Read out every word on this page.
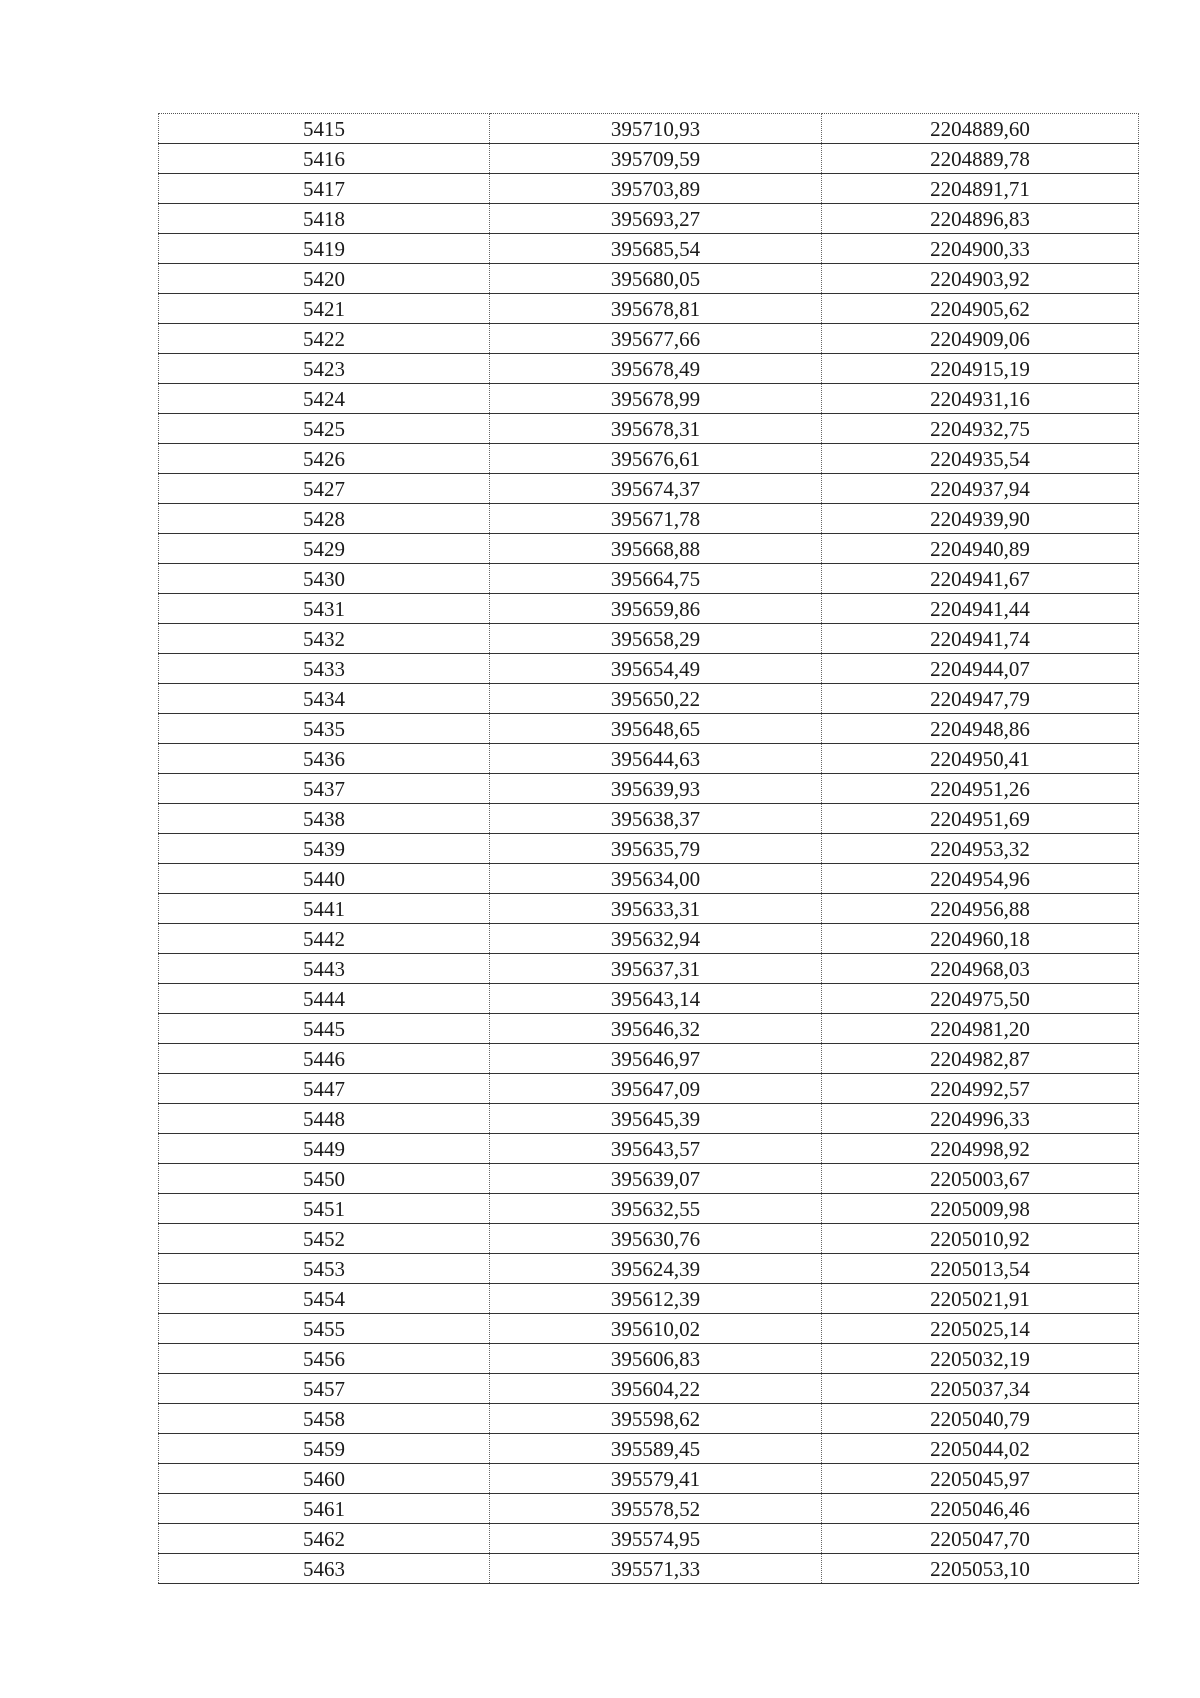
5415	395710,93	2204889,60
5416	395709,59	2204889,78
5417	395703,89	2204891,71
5418	395693,27	2204896,83
5419	395685,54	2204900,33
5420	395680,05	2204903,92
5421	395678,81	2204905,62
5422	395677,66	2204909,06
5423	395678,49	2204915,19
5424	395678,99	2204931,16
5425	395678,31	2204932,75
5426	395676,61	2204935,54
5427	395674,37	2204937,94
5428	395671,78	2204939,90
5429	395668,88	2204940,89
5430	395664,75	2204941,67
5431	395659,86	2204941,44
5432	395658,29	2204941,74
5433	395654,49	2204944,07
5434	395650,22	2204947,79
5435	395648,65	2204948,86
5436	395644,63	2204950,41
5437	395639,93	2204951,26
5438	395638,37	2204951,69
5439	395635,79	2204953,32
5440	395634,00	2204954,96
5441	395633,31	2204956,88
5442	395632,94	2204960,18
5443	395637,31	2204968,03
5444	395643,14	2204975,50
5445	395646,32	2204981,20
5446	395646,97	2204982,87
5447	395647,09	2204992,57
5448	395645,39	2204996,33
5449	395643,57	2204998,92
5450	395639,07	2205003,67
5451	395632,55	2205009,98
5452	395630,76	2205010,92
5453	395624,39	2205013,54
5454	395612,39	2205021,91
5455	395610,02	2205025,14
5456	395606,83	2205032,19
5457	395604,22	2205037,34
5458	395598,62	2205040,79
5459	395589,45	2205044,02
5460	395579,41	2205045,97
5461	395578,52	2205046,46
5462	395574,95	2205047,70
5463	395571,33	2205053,10
